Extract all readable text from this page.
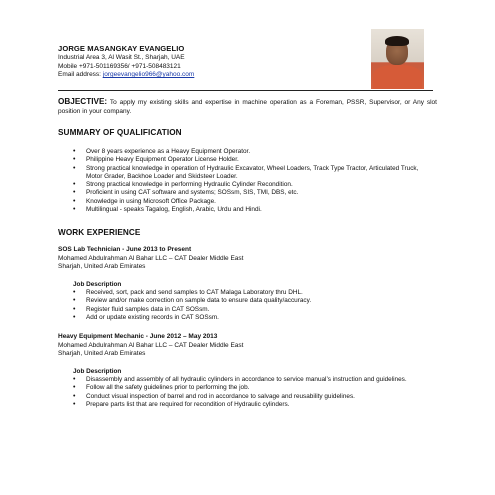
JORGE MASANGKAY EVANGELIO
Industrial Area 3, Al Wasit St., Sharjah, UAE
Mobile +971-501169356/ +971-508483121
Email address: jorgeevangelio966@yahoo.com
OBJECTIVE: To apply my existing skills and expertise in machine operation as a Foreman, PSSR, Supervisor, or Any slot position in your company.
SUMMARY OF QUALIFICATION
• Over 8 years experience as a Heavy Equipment Operator.
• Philippine Heavy Equipment Operator License Holder.
• Strong practical knowledge in operation of Hydraulic Excavator, Wheel Loaders, Track Type Tractor, Articulated Truck, Motor Grader, Backhoe Loader and Skidsteer Loader.
• Strong practical knowledge in performing Hydraulic Cylinder Recondition.
• Proficient in using CAT software and systems; SOSsm, SIS, TMI, DBS, etc.
• Knowledge in using Microsoft Office Package.
• Multilingual - speaks Tagalog, English, Arabic, Urdu and Hindi.
WORK EXPERIENCE
SOS Lab Technician - June 2013 to Present
Mohamed Abdulrahman Al Bahar LLC – CAT Dealer Middle East
Sharjah, United Arab Emirates
Job Description
• Received, sort, pack and send samples to CAT Malaga Laboratory thru DHL.
• Review and/or make correction on sample data to ensure data quality/accuracy.
• Register fluid samples data in CAT SOSsm.
• Add or update existing records in CAT SOSsm.
Heavy Equipment Mechanic - June 2012 – May 2013
Mohamed Abdulrahman Al Bahar LLC – CAT Dealer Middle East
Sharjah, United Arab Emirates
Job Description
• Disassembly and assembly of all hydraulic cylinders in accordance to service manual’s instruction and guidelines.
• Follow all the safety guidelines prior to performing the job.
• Conduct visual inspection of barrel and rod in accordance to salvage and reusability guidelines.
• Prepare parts list that are required for recondition of Hydraulic cylinders.
